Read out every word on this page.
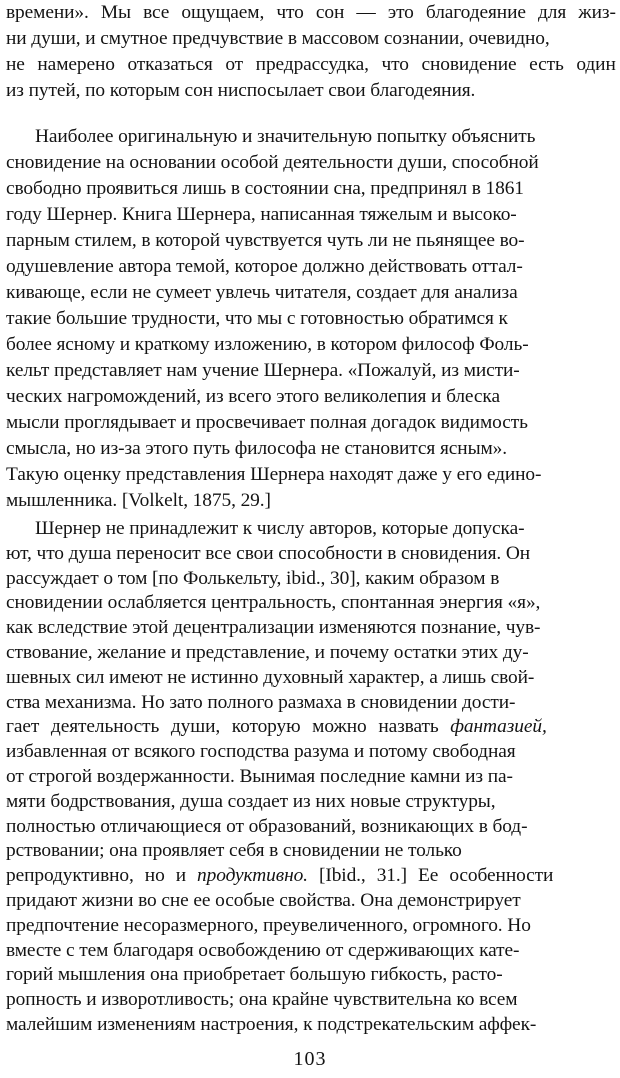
времени». Мы все ощущаем, что сон — это благодеяние для жиз-
ни души, и смутное предчувствие в массовом сознании, очевидно,
не намерено отказаться от предрассудка, что сновидение есть один
из путей, по которым сон ниспосылает свои благодеяния.
Наиболее оригинальную и значительную попытку объяснить
сновидение на основании особой деятельности души, способной
свободно проявиться лишь в состоянии сна, предпринял в 1861
году Шернер. Книга Шернера, написанная тяжелым и высоко-
парным стилем, в которой чувствуется чуть ли не пьянящее во-
одушевление автора темой, которое должно действовать оттал-
кивающе, если не сумеет увлечь читателя, создает для анализа
такие большие трудности, что мы с готовностью обратимся к
более ясному и краткому изложению, в котором философ Фоль-
кельт представляет нам учение Шернера. «Пожалуй, из мисти-
ческих нагромождений, из всего этого великолепия и блеска
мысли проглядывает и просвечивает полная догадок видимость
смысла, но из-за этого путь философа не становится ясным».
Такую оценку представления Шернера находят даже у его едино-
мышленника. [Volkelt, 1875, 29.]
Шернер не принадлежит к числу авторов, которые допуска-
ют, что душа переносит все свои способности в сновидения. Он
рассуждает о том [по Фолькельту, ibid., 30], каким образом в
сновидении ослабляется центральность, спонтанная энергия «я»,
как вследствие этой децентрализации изменяются познание, чув-
ствование, желание и представление, и почему остатки этих ду-
шевных сил имеют не истинно духовный характер, а лишь свой-
ства механизма. Но зато полного размаха в сновидении дости-
гает деятельность души, которую можно назвать фантазией,
избавленная от всякого господства разума и потому свободная
от строгой воздержанности. Вынимая последние камни из па-
мяти бодрствования, душа создает из них новые структуры,
полностью отличающиеся от образований, возникающих в бод-
рствовании; она проявляет себя в сновидении не только
репродуктивно, но и продуктивно. [Ibid., 31.] Ее особенности
придают жизни во сне ее особые свойства. Она демонстрирует
предпочтение несоразмерного, преувеличенного, огромного. Но
вместе с тем благодаря освобождению от сдерживающих кате-
горий мышления она приобретает большую гибкость, расто-
ропность и изворотливость; она крайне чувствительна ко всем
малейшим изменениям настроения, к подстрекательским аффек-
103
